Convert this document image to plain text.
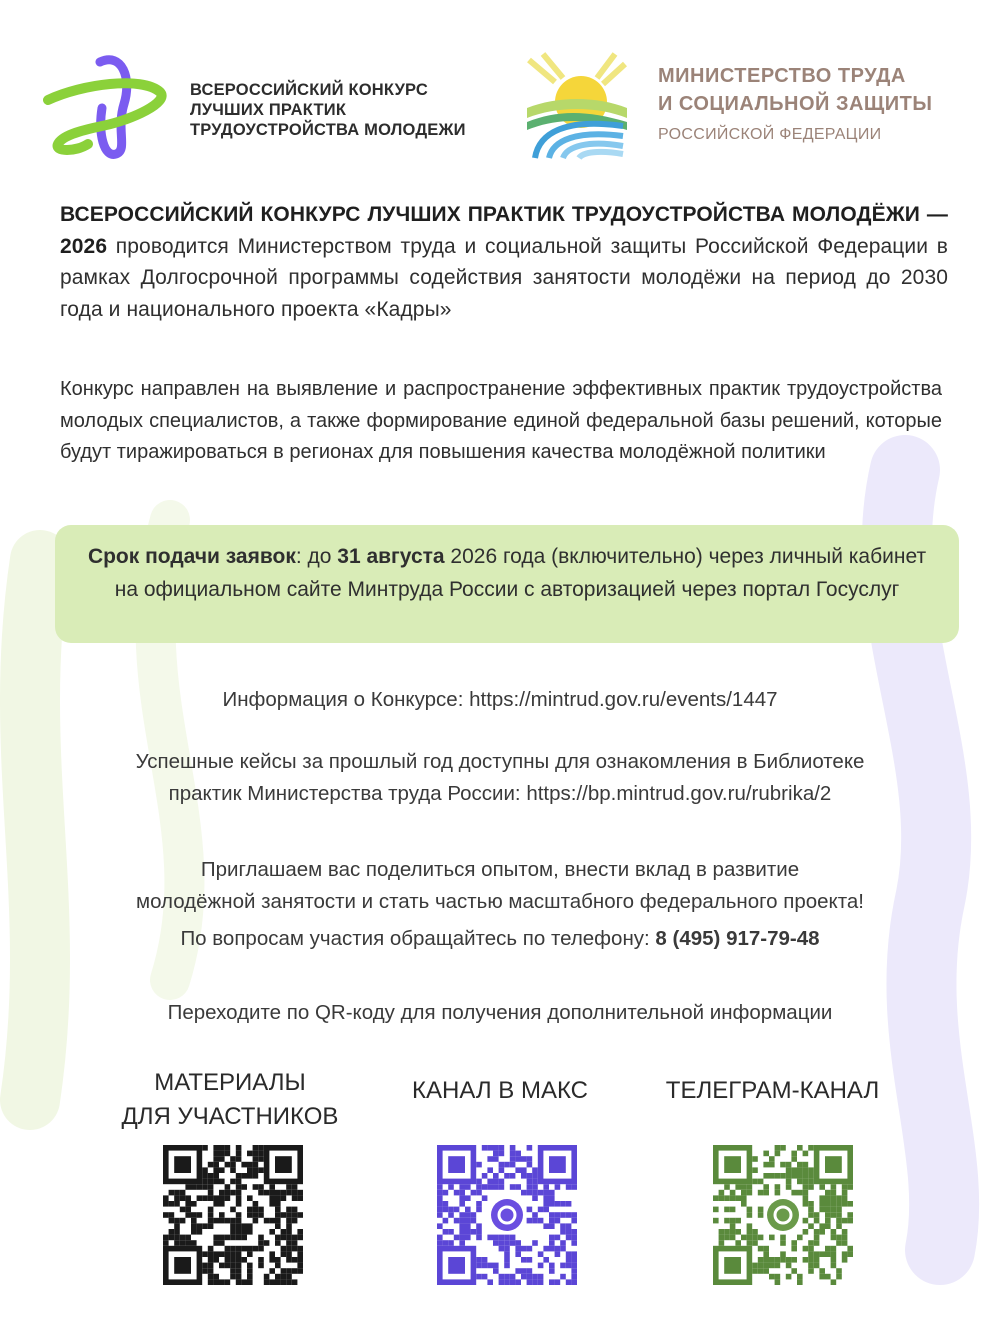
ВСЕРОССИЙСКИЙ КОНКУРС
ЛУЧШИХ ПРАКТИК
ТРУДОУСТРОЙСТВА МОЛОДЕЖИ
МИНИСТЕРСТВО ТРУДА
И СОЦИАЛЬНОЙ ЗАЩИТЫ
РОССИЙСКОЙ ФЕДЕРАЦИИ
ВСЕРОССИЙСКИЙ КОНКУРС ЛУЧШИХ ПРАКТИК ТРУДОУСТРОЙСТВА МОЛОДЁЖИ — 2026 проводится Министерством труда и социальной защиты Российской Федерации в рамках Долгосрочной программы содействия занятости молодёжи на период до 2030 года и национального проекта «Кадры»
Конкурс направлен на выявление и распространение эффективных практик трудоустройства молодых специалистов, а также формирование единой федеральной базы решений, которые будут тиражироваться в регионах для повышения качества молодёжной политики
Срок подачи заявок: до 31 августа 2026 года (включительно) через личный кабинет на официальном сайте Минтруда России с авторизацией через портал Госуслуг
Информация о Конкурсе: https://mintrud.gov.ru/events/1447
Успешные кейсы за прошлый год доступны для ознакомления в Библиотеке
практик Министерства труда России: https://bp.mintrud.gov.ru/rubrika/2
Приглашаем вас поделиться опытом, внести вклад в развитие
молодёжной занятости и стать частью масштабного федерального проекта!
По вопросам участия обращайтесь по телефону: 8 (495) 917-79-48
Переходите по QR-коду для получения дополнительной информации
МАТЕРИАЛЫ
ДЛЯ УЧАСТНИКОВ
КАНАЛ В МАКС	ТЕЛЕГРАМ-КАНАЛ
